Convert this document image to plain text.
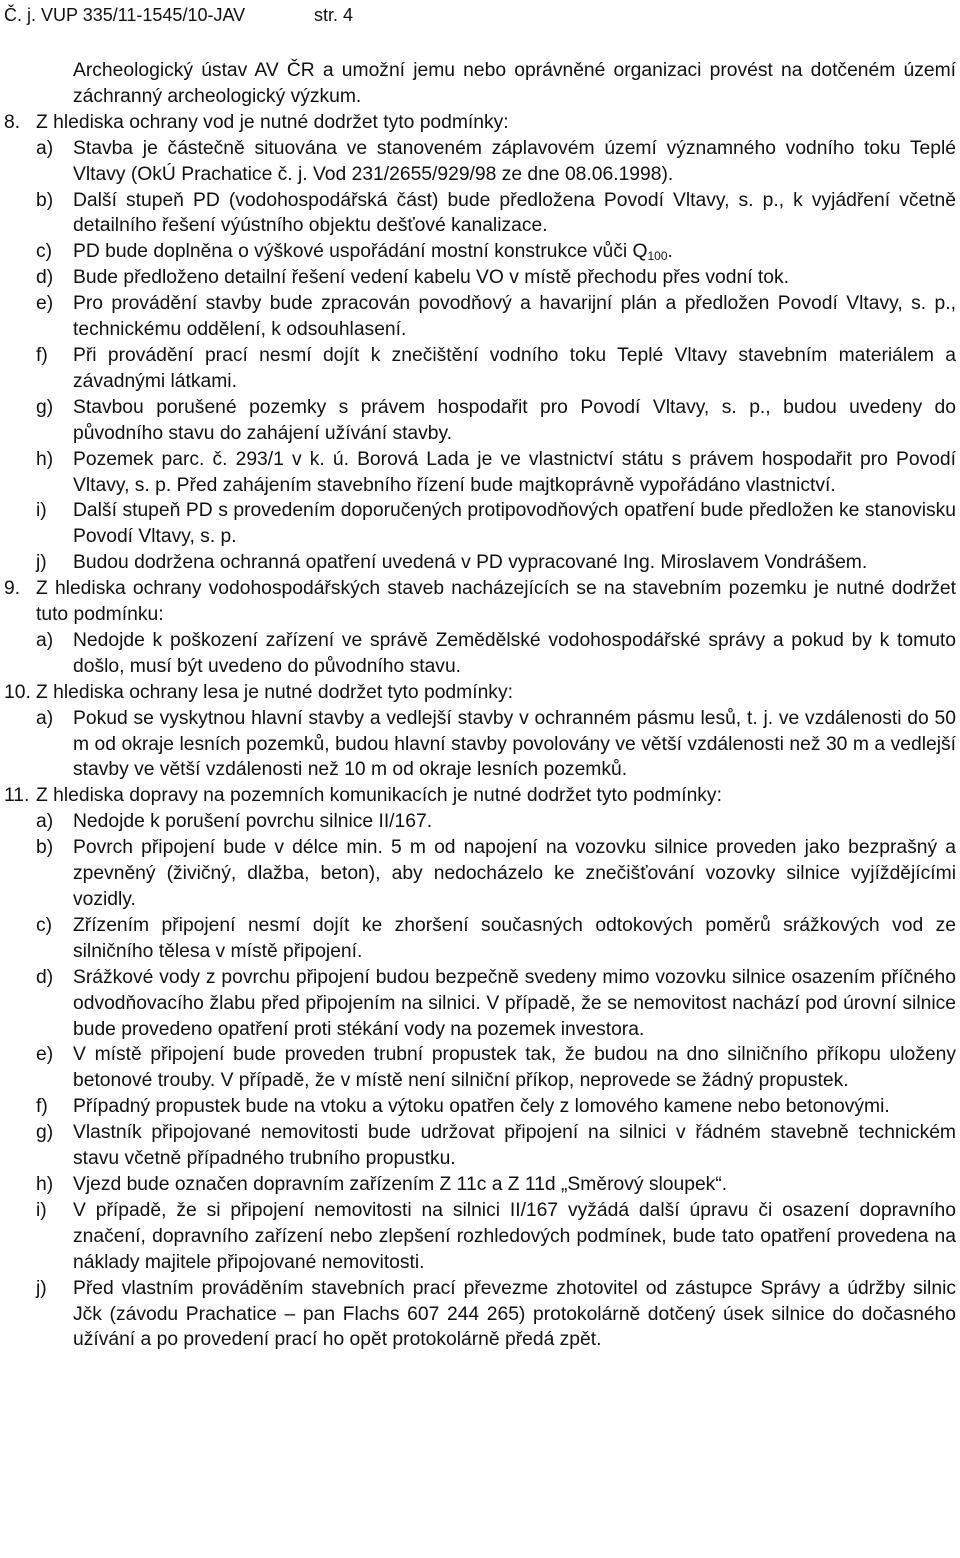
Č. j. VUP 335/11-1545/10-JAV	str. 4
Archeologický ústav AV ČR a umožní jemu nebo oprávněné organizaci provést na dotčeném území záchranný archeologický výzkum.
8. Z hlediska ochrany vod je nutné dodržet tyto podmínky:
a) Stavba je částečně situována ve stanoveném záplavovém území významného vodního toku Teplé Vltavy (OkÚ Prachatice č. j. Vod 231/2655/929/98 ze dne 08.06.1998).
b) Další stupeň PD (vodohospodářská část) bude předložena Povodí Vltavy, s. p., k vyjádření včetně detailního řešení výústního objektu dešťové kanalizace.
c) PD bude doplněna o výškové uspořádání mostní konstrukce vůči $Q_{100}$.
d) Bude předloženo detailní řešení vedení kabelu VO v místě přechodu přes vodní tok.
e) Pro provádění stavby bude zpracován povodňový a havarijní plán a předložen Povodí Vltavy, s. p., technickému oddělení, k odsouhlasení.
f) Při provádění prací nesmí dojít k znečištění vodního toku Teplé Vltavy stavebním materiálem a závadnými látkami.
g) Stavbou porušené pozemky s právem hospodařit pro Povodí Vltavy, s. p., budou uvedeny do původního stavu do zahájení užívání stavby.
h) Pozemek parc. č. 293/1 v k. ú. Borová Lada je ve vlastnictví státu s právem hospodařit pro Povodí Vltavy, s. p. Před zahájením stavebního řízení bude majtkoprávně vypořádáno vlastnictví.
i) Další stupeň PD s provedením doporučených protipovodňových opatření bude předložen ke stanovisku Povodí Vltavy, s. p.
j) Budou dodržena ochranná opatření uvedená v PD vypracované Ing. Miroslavem Vondrášem.
9. Z hlediska ochrany vodohospodářských staveb nacházejících se na stavebním pozemku je nutné dodržet tuto podmínku:
a) Nedojde k poškození zařízení ve správě Zemědělské vodohospodářské správy a pokud by k tomuto došlo, musí být uvedeno do původního stavu.
10. Z hlediska ochrany lesa je nutné dodržet tyto podmínky:
a) Pokud se vyskytnou hlavní stavby a vedlejší stavby v ochranném pásmu lesů, t. j. ve vzdálenosti do 50 m od okraje lesních pozemků, budou hlavní stavby povolovány ve větší vzdálenosti než 30 m a vedlejší stavby ve větší vzdálenosti než 10 m od okraje lesních pozemků.
11. Z hlediska dopravy na pozemních komunikacích je nutné dodržet tyto podmínky:
a) Nedojde k porušení povrchu silnice II/167.
b) Povrch připojení bude v délce min. 5 m od napojení na vozovku silnice proveden jako bezprašný a zpevněný (živičný, dlažba, beton), aby nedocházelo ke znečišťování vozovky silnice vyjíždějícími vozidly.
c) Zřízením připojení nesmí dojít ke zhoršení současných odtokových poměrů srážkových vod ze silničního tělesa v místě připojení.
d) Srážkové vody z povrchu připojení budou bezpečně svedeny mimo vozovku silnice osazením příčného odvodňovacího žlabu před připojením na silnici. V případě, že se nemovitost nachází pod úrovní silnice bude provedeno opatření proti stékání vody na pozemek investora.
e) V místě připojení bude proveden trubní propustek tak, že budou na dno silničního příkopu uloženy betonové trouby. V případě, že v místě není silniční příkop, neprovede se žádný propustek.
f) Případný propustek bude na vtoku a výtoku opatřen čely z lomového kamene nebo betonovými.
g) Vlastník připojované nemovitosti bude udržovat připojení na silnici v řádném stavebně technickém stavu včetně případného trubního propustku.
h) Vjezd bude označen dopravním zařízením Z 11c a Z 11d „Směrový sloupek“.
i) V případě, že si připojení nemovitosti na silnici II/167 vyžádá další úpravu či osazení dopravního značení, dopravního zařízení nebo zlepšení rozhledových podmínek, bude tato opatření provedena na náklady majitele připojované nemovitosti.
j) Před vlastním prováděním stavebních prací převezme zhotovitel od zástupce Správy a údržby silnic Jčk (závodu Prachatice – pan Flachs 607 244 265) protokolárně dotčený úsek silnice do dočasného užívání a po provedení prací ho opět protokolárně předá zpět.
